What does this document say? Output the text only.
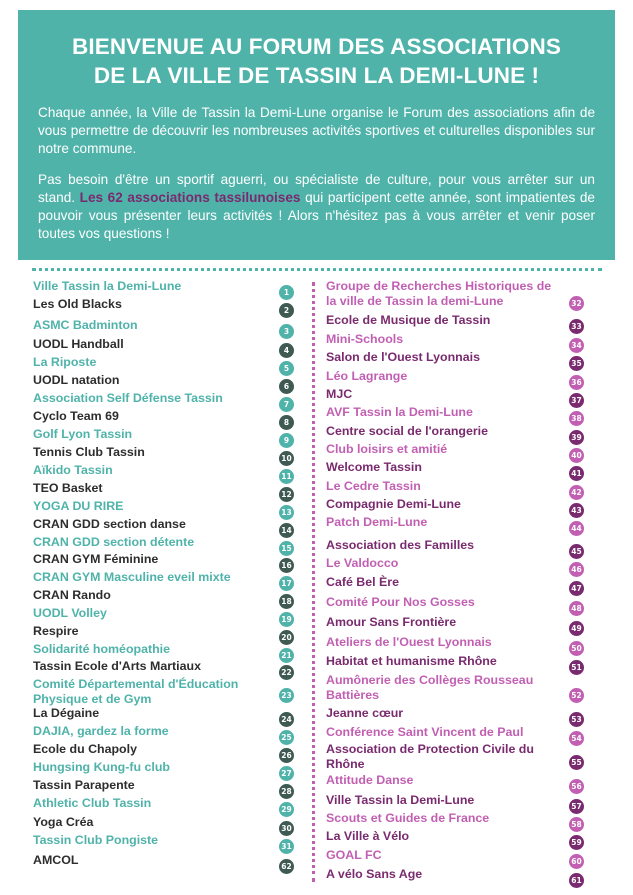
BIENVENUE AU FORUM DES ASSOCIATIONS
DE LA VILLE DE TASSIN LA DEMI-LUNE !

Chaque année, la Ville de Tassin la Demi-Lune organise le Forum des associations afin de vous permettre de découvrir les nombreuses activités sportives et culturelles disponibles sur notre commune.

Pas besoin d'être un sportif aguerri, ou spécialiste de culture, pour vous arrêter sur un stand. Les 62 associations tassilunoises qui participent cette année, sont impatientes de pouvoir vous présenter leurs activités ! Alors n'hésitez pas à vous arrêter et venir poser toutes vos questions !

Ville Tassin la Demi-Lune	1
Les Old Blacks	2
ASMC Badminton	3
UODL Handball	4
La Riposte	5
UODL natation	6
Association Self Défense Tassin	7
Cyclo Team 69	8
Golf Lyon Tassin	9
Tennis Club Tassin	10
Aïkido Tassin	11
TEO Basket	12
YOGA DU RIRE	13
CRAN GDD section danse	14
CRAN GDD section détente	15
CRAN GYM Féminine	16
CRAN GYM Masculine eveil mixte	17
CRAN Rando	18
UODL Volley	19
Respire	20
Solidarité homéopathie	21
Tassin Ecole d'Arts Martiaux	22
Comité Départemental d'Éducation Physique et de Gym	23
La Dégaine	24
DAJIA, gardez la forme	25
Ecole du Chapoly	26
Hungsing Kung-fu club	27
Tassin Parapente	28
Athletic Club Tassin	29
Yoga Créa	30
Tassin Club Pongiste	31
AMCOL	62
Groupe de Recherches Historiques de la ville de Tassin la demi-Lune	32
Ecole de Musique de Tassin	33
Mini-Schools	34
Salon de l'Ouest Lyonnais	35
Léo Lagrange	36
MJC	37
AVF Tassin la Demi-Lune	38
Centre social de l'orangerie	39
Club loisirs et amitié	40
Welcome Tassin	41
Le Cedre Tassin	42
Compagnie Demi-Lune	43
Patch Demi-Lune	44
Association des Familles	45
Le Valdocco	46
Café Bel Ère	47
Comité Pour Nos Gosses	48
Amour Sans Frontière	49
Ateliers de l'Ouest Lyonnais	50
Habitat et humanisme Rhône	51
Aumônerie des Collèges Rousseau Battières	52
Jeanne cœur	53
Conférence Saint Vincent de Paul	54
Association de Protection Civile du Rhône	55
Attitude Danse	56
Ville Tassin la Demi-Lune	57
Scouts et Guides de France	58
La Ville à Vélo	59
GOAL FC	60
A vélo Sans Age	61
